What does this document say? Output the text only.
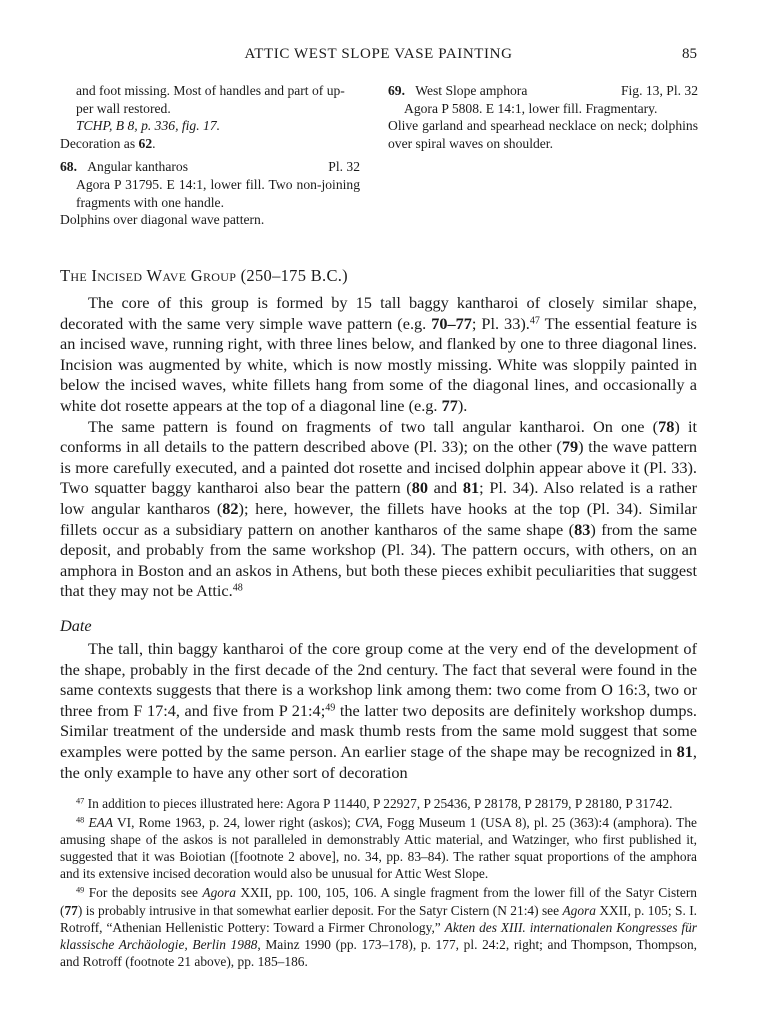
ATTIC WEST SLOPE VASE PAINTING	85

and foot missing. Most of handles and part of up-

per wall restored.

TCHP, B 8, p. 336, fig. 17.

Decoration as 62.

68. Angular kantharos	Pl. 32

Agora P 31795. E 14:1, lower fill. Two non-joining fragments with one handle.

Dolphins over diagonal wave pattern.

69. West Slope amphora	Fig. 13, Pl. 32

Agora P 5808. E 14:1, lower fill. Fragmentary.

Olive garland and spearhead necklace on neck; dolphins over spiral waves on shoulder.

The Incised Wave Group (250–175 B.C.)

The core of this group is formed by 15 tall baggy kantharoi of closely similar shape, decorated with the same very simple wave pattern (e.g. 70–77; Pl. 33).$^{47}$ The essential feature is an incised wave, running right, with three lines below, and flanked by one to three diagonal lines. Incision was augmented by white, which is now mostly missing. White was sloppily painted in below the incised waves, white fillets hang from some of the diagonal lines, and occasionally a white dot rosette appears at the top of a diagonal line (e.g. 77).

The same pattern is found on fragments of two tall angular kantharoi. On one (78) it conforms in all details to the pattern described above (Pl. 33); on the other (79) the wave pattern is more carefully executed, and a painted dot rosette and incised dolphin appear above it (Pl. 33). Two squatter baggy kantharoi also bear the pattern (80 and 81; Pl. 34). Also related is a rather low angular kantharos (82); here, however, the fillets have hooks at the top (Pl. 34). Similar fillets occur as a subsidiary pattern on another kantharos of the same shape (83) from the same deposit, and probably from the same workshop (Pl. 34). The pattern occurs, with others, on an amphora in Boston and an askos in Athens, but both these pieces exhibit peculiarities that suggest that they may not be Attic.$^{48}$

Date

The tall, thin baggy kantharoi of the core group come at the very end of the development of the shape, probably in the first decade of the 2nd century. The fact that several were found in the same contexts suggests that there is a workshop link among them: two come from O 16:3, two or three from F 17:4, and five from P 21:4;$^{49}$ the latter two deposits are definitely workshop dumps. Similar treatment of the underside and mask thumb rests from the same mold suggest that some examples were potted by the same person. An earlier stage of the shape may be recognized in 81, the only example to have any other sort of decoration

$^{47}$ In addition to pieces illustrated here: Agora P 11440, P 22927, P 25436, P 28178, P 28179, P 28180, P 31742.

$^{48}$ EAA VI, Rome 1963, p. 24, lower right (askos); CVA, Fogg Museum 1 (USA 8), pl. 25 (363):4 (amphora). The amusing shape of the askos is not paralleled in demonstrably Attic material, and Watzinger, who first published it, suggested that it was Boiotian ([footnote 2 above], no. 34, pp. 83–84). The rather squat proportions of the amphora and its extensive incised decoration would also be unusual for Attic West Slope.

$^{49}$ For the deposits see Agora XXII, pp. 100, 105, 106. A single fragment from the lower fill of the Satyr Cistern (77) is probably intrusive in that somewhat earlier deposit. For the Satyr Cistern (N 21:4) see Agora XXII, p. 105; S. I. Rotroff, “Athenian Hellenistic Pottery: Toward a Firmer Chronology,” Akten des XIII. internationalen Kongresses für klassische Archäologie, Berlin 1988, Mainz 1990 (pp. 173–178), p. 177, pl. 24:2, right; and Thompson, Thompson, and Rotroff (footnote 21 above), pp. 185–186.
